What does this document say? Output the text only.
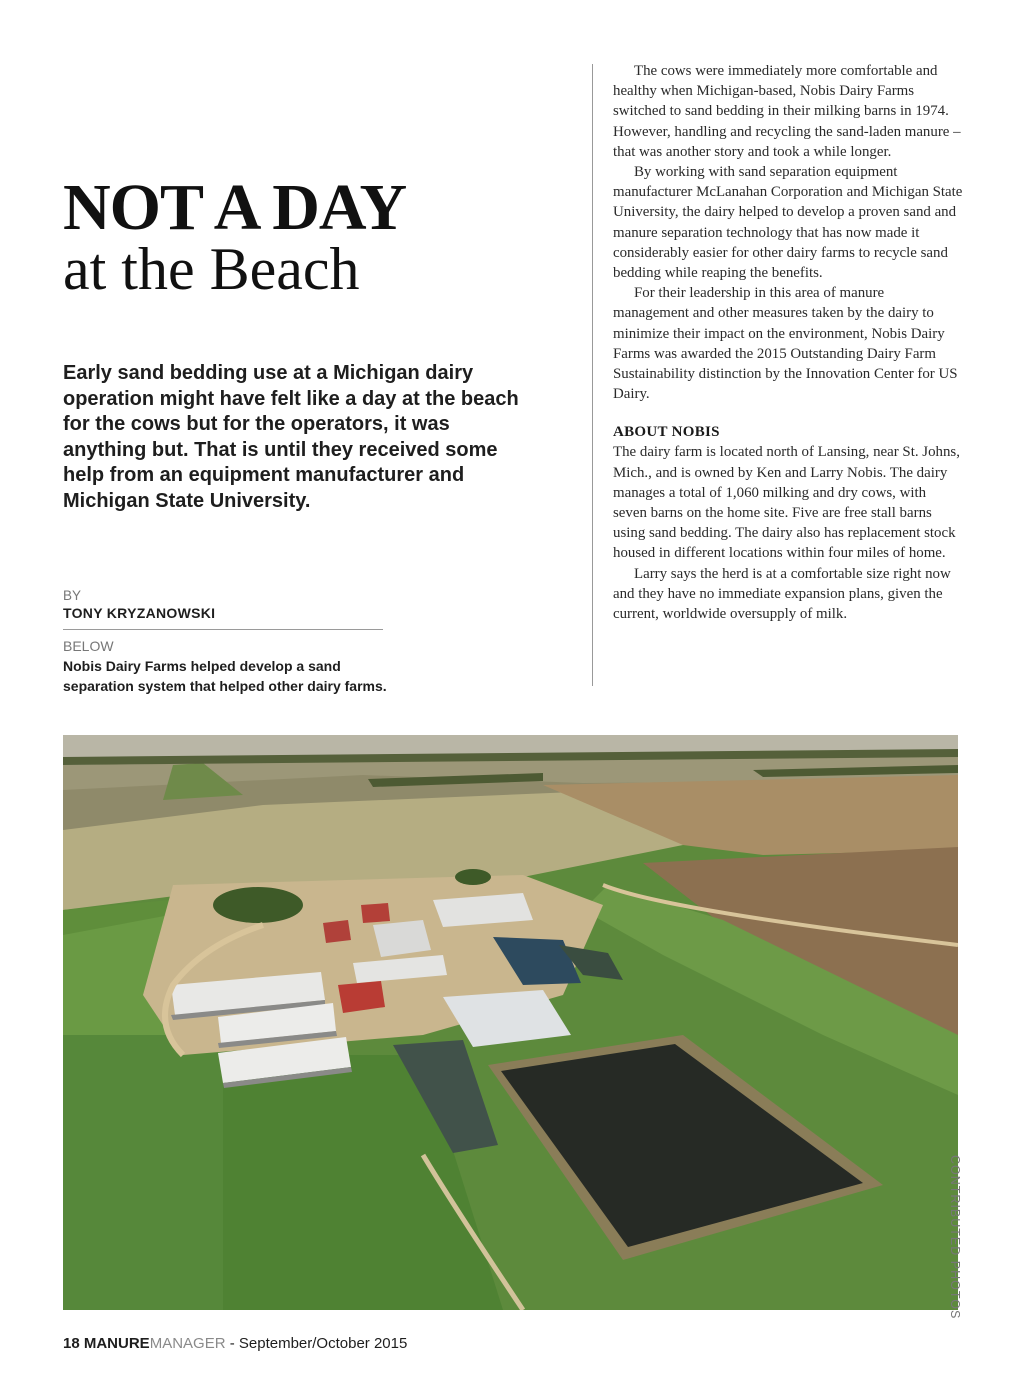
NOT A DAY
at the Beach
Early sand bedding use at a Michigan dairy operation might have felt like a day at the beach for the cows but for the operators, it was anything but. That is until they received some help from an equipment manufacturer and Michigan State University.
BY
TONY KRYZANOWSKI
BELOW
Nobis Dairy Farms helped develop a sand separation system that helped other dairy farms.

The cows were immediately more comfortable and healthy when Michigan-based, Nobis Dairy Farms switched to sand bedding in their milking barns in 1974. However, handling and recycling the sand-laden manure – that was another story and took a while longer.

By working with sand separation equipment manufacturer McLanahan Corporation and Michigan State University, the dairy helped to develop a proven sand and manure separation technology that has now made it considerably easier for other dairy farms to recycle sand bedding while reaping the benefits.

For their leadership in this area of manure management and other measures taken by the dairy to minimize their impact on the environment, Nobis Dairy Farms was awarded the 2015 Outstanding Dairy Farm Sustainability distinction by the Innovation Center for US Dairy.

ABOUT NOBIS

The dairy farm is located north of Lansing, near St. Johns, Mich., and is owned by Ken and Larry Nobis. The dairy manages a total of 1,060 milking and dry cows, with seven barns on the home site. Five are free stall barns using sand bedding. The dairy also has replacement stock housed in different locations within four miles of home.

Larry says the herd is at a comfortable size right now and they have no immediate expansion plans, given the current, worldwide oversupply of milk.

CONTRIBUTED PHOTOS
18 MANUREMANAGER - September/October 2015
